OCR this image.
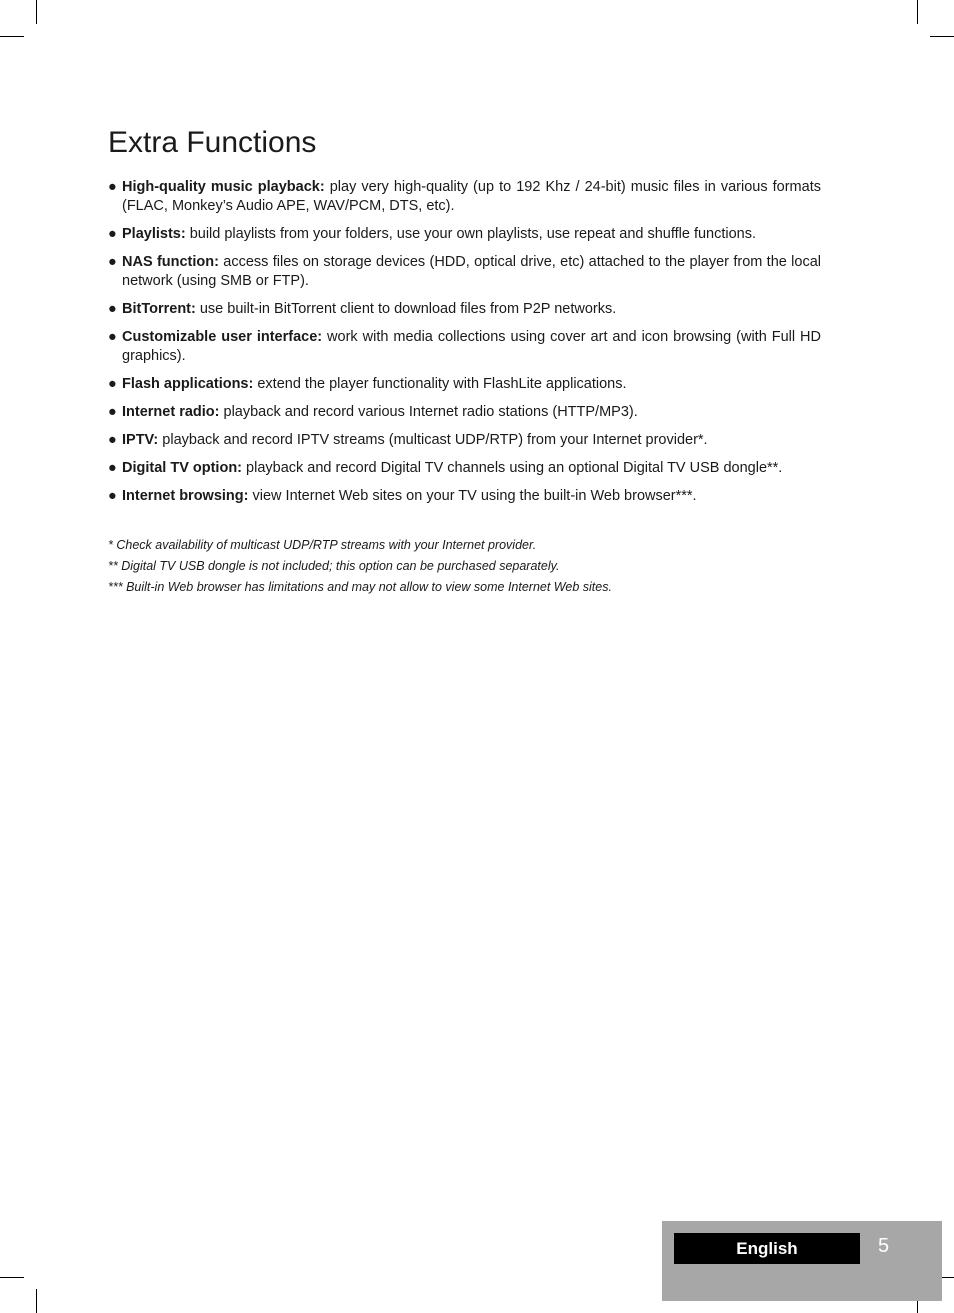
Extra Functions
● High-quality music playback: play very high-quality (up to 192 Khz / 24-bit) music files in various formats (FLAC, Monkey’s Audio APE, WAV/PCM, DTS, etc).
● Playlists: build playlists from your folders, use your own playlists, use repeat and shuffle functions.
● NAS function: access files on storage devices (HDD, optical drive, etc) attached to the player from the local network (using SMB or FTP).
● BitTorrent: use built-in BitTorrent client to download files from P2P networks.
● Customizable user interface: work with media collections using cover art and icon browsing (with Full HD graphics).
● Flash applications: extend the player functionality with FlashLite applications.
● Internet radio: playback and record various Internet radio stations (HTTP/MP3).
● IPTV: playback and record IPTV streams (multicast UDP/RTP) from your Internet provider*.
● Digital TV option: playback and record Digital TV channels using an optional Digital TV USB dongle**.
● Internet browsing: view Internet Web sites on your TV using the built-in Web browser***.

* Check availability of multicast UDP/RTP streams with your Internet provider.

** Digital TV USB dongle is not included; this option can be purchased separately.

*** Built-in Web browser has limitations and may not allow to view some Internet Web sites.

English	5
